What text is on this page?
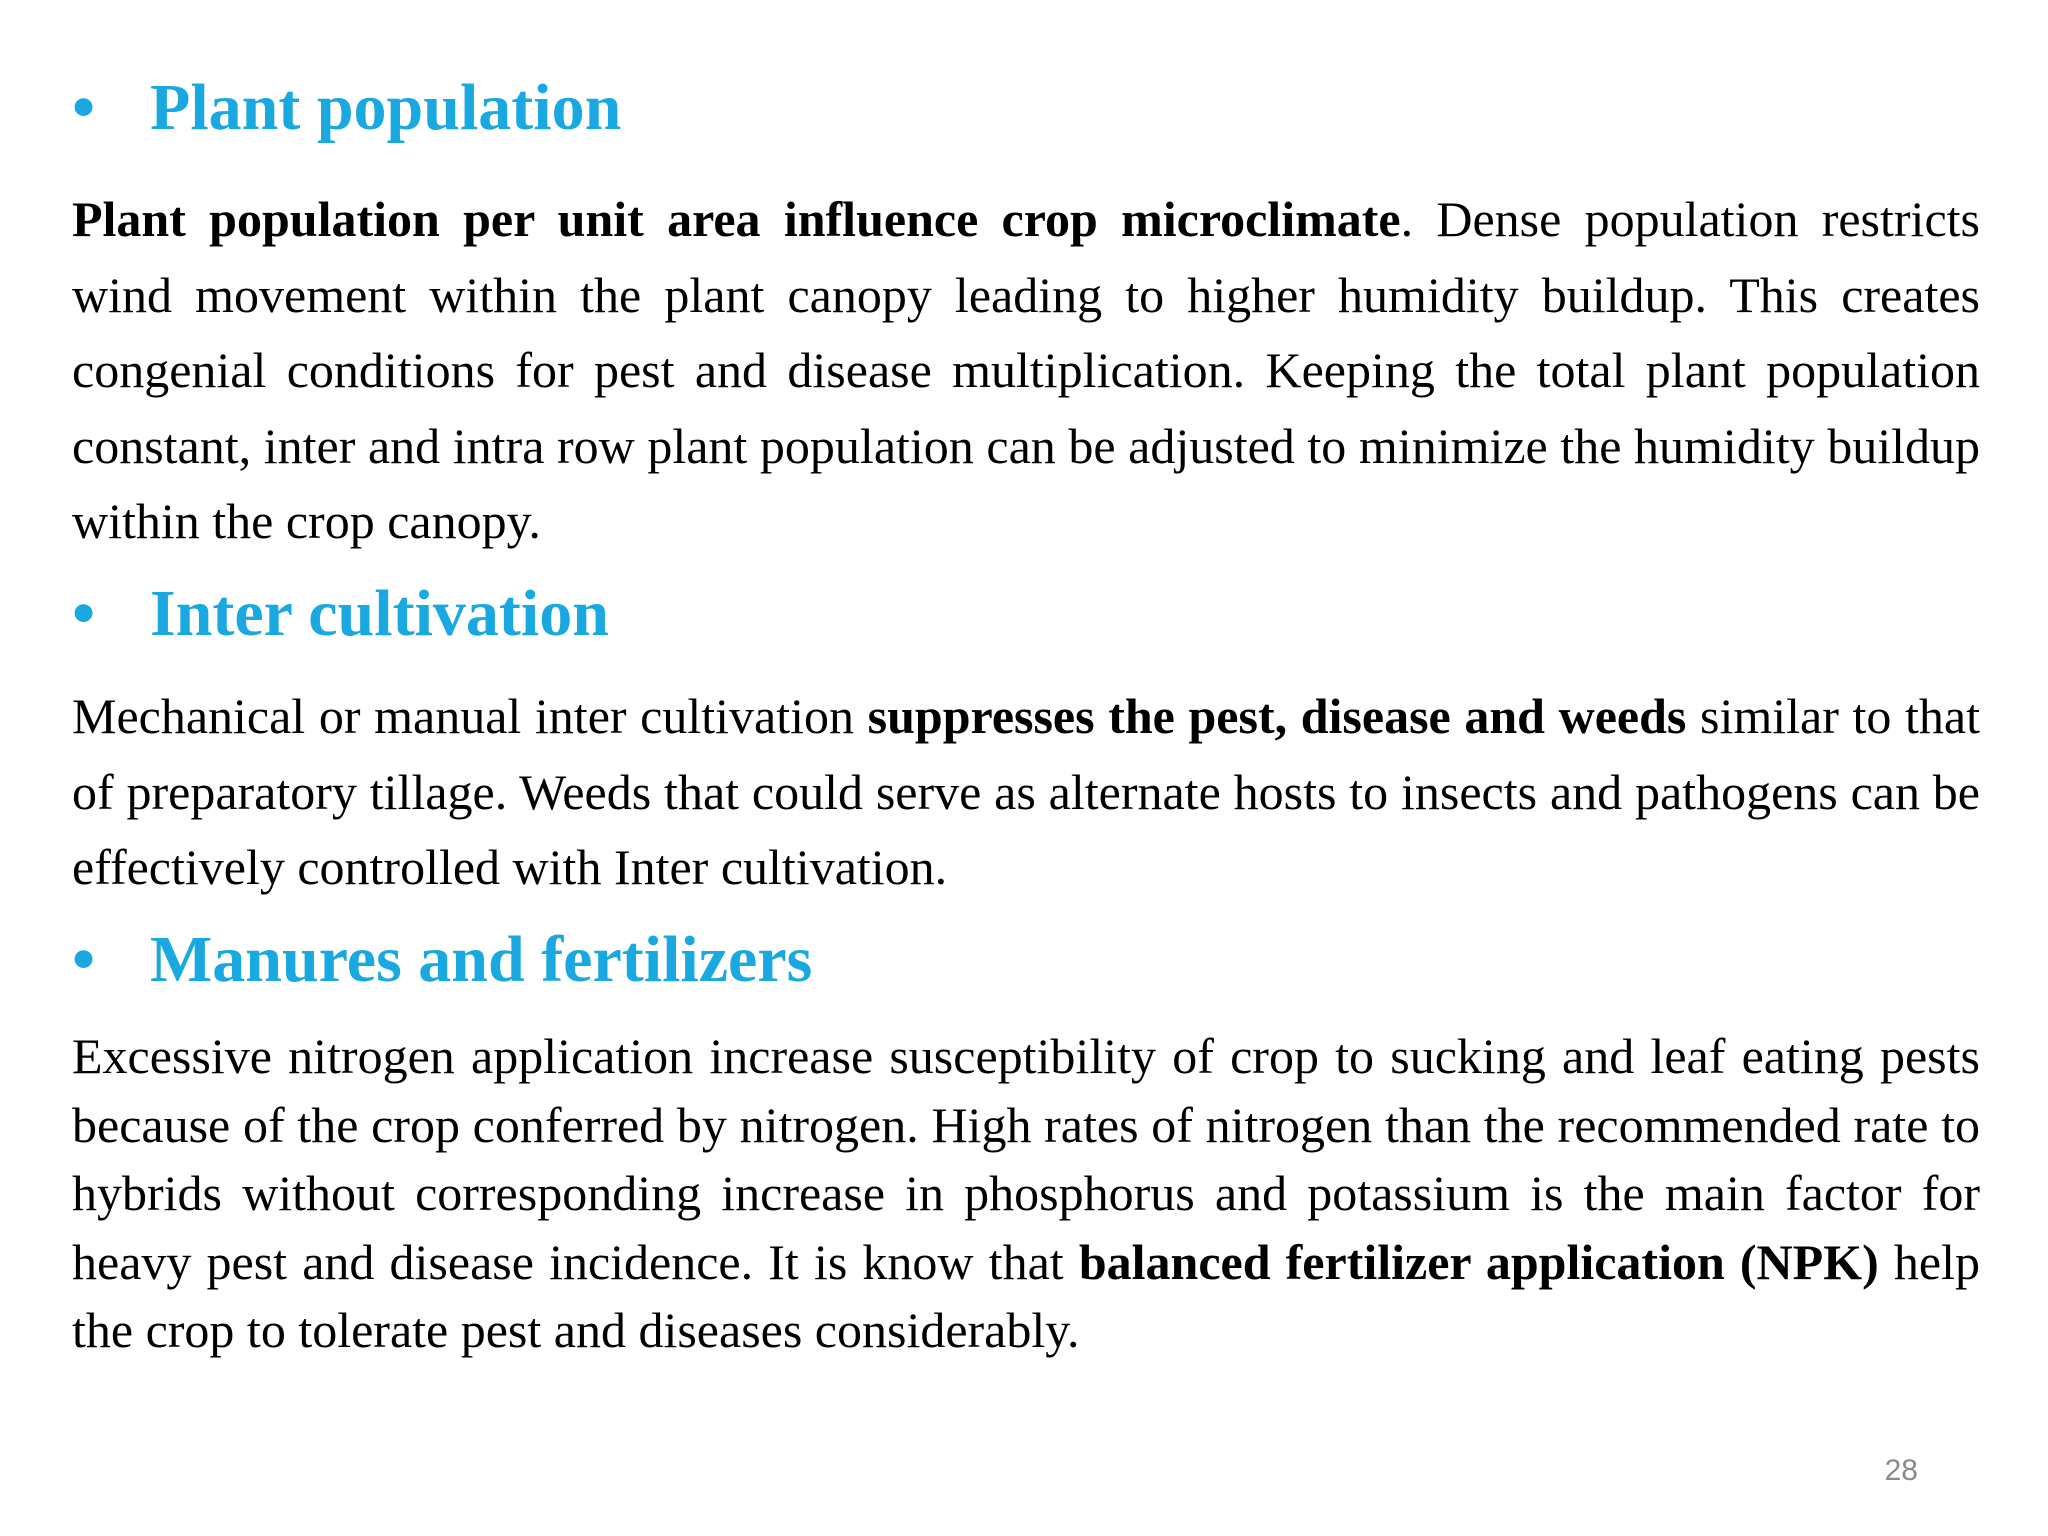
• Plant population
Plant population per unit area influence crop microclimate. Dense population restricts wind movement within the plant canopy leading to higher humidity buildup. This creates congenial conditions for pest and disease multiplication. Keeping the total plant population constant, inter and intra row plant population can be adjusted to minimize the humidity buildup within the crop canopy.
• Inter cultivation
Mechanical or manual inter cultivation suppresses the pest, disease and weeds similar to that of preparatory tillage. Weeds that could serve as alternate hosts to insects and pathogens can be effectively controlled with Inter cultivation.
• Manures and fertilizers
Excessive nitrogen application increase susceptibility of crop to sucking and leaf eating pests because of the crop conferred by nitrogen. High rates of nitrogen than the recommended rate to hybrids without corresponding increase in phosphorus and potassium is the main factor for heavy pest and disease incidence. It is know that balanced fertilizer application (NPK) help the crop to tolerate pest and diseases considerably.
28
